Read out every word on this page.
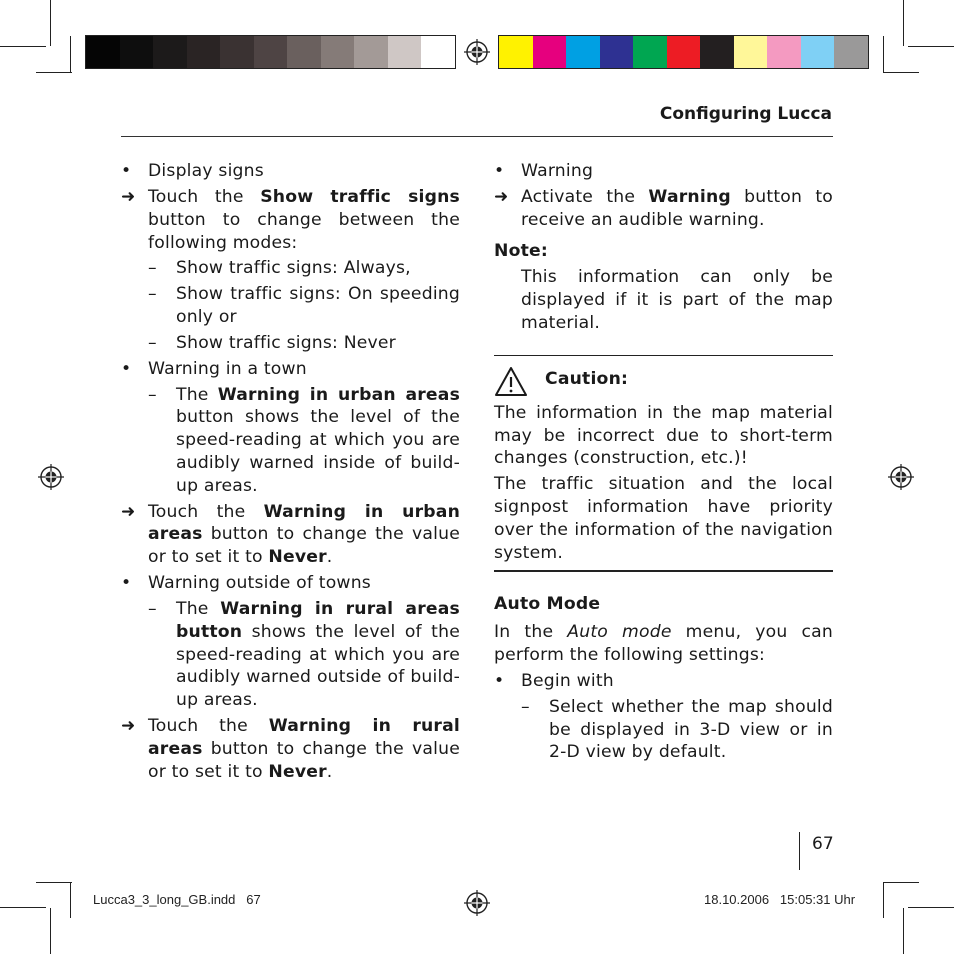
Configuring Lucca
•
Display signs
➜ Touch the Show traffic signs button to change between the following modes:
– Show traffic signs: Always,
– Show traffic signs: On speeding only or
– Show traffic signs: Never
•
Warning in a town
– The Warning in urban areas button shows the level of the speed-reading at which you are audibly warned inside of build-up areas.
➜ Touch the Warning in urban areas button to change the value or to set it to Never.
•
Warning outside of towns
– The Warning in rural areas button shows the level of the speed-reading at which you are audibly warned outside of build-up areas.
➜ Touch the Warning in rural areas button to change the value or to set it to Never.
•
Warning
➜ Activate the Warning button to receive an audible warning.

Note:

This information can only be displayed if it is part of the map material.

Caution:

The information in the map material may be incorrect due to short-term changes (construction, etc.)!

The traffic situation and the local signpost information have priority over the information of the navigation system.

Auto Mode

In the Auto mode menu, you can perform the following settings:

•
Begin with
– Select whether the map should be displayed in 3-D view or in 2-D view by default.
67
Lucca3_3_long_GB.indd   67	18.10.2006   15:05:31 Uhr
